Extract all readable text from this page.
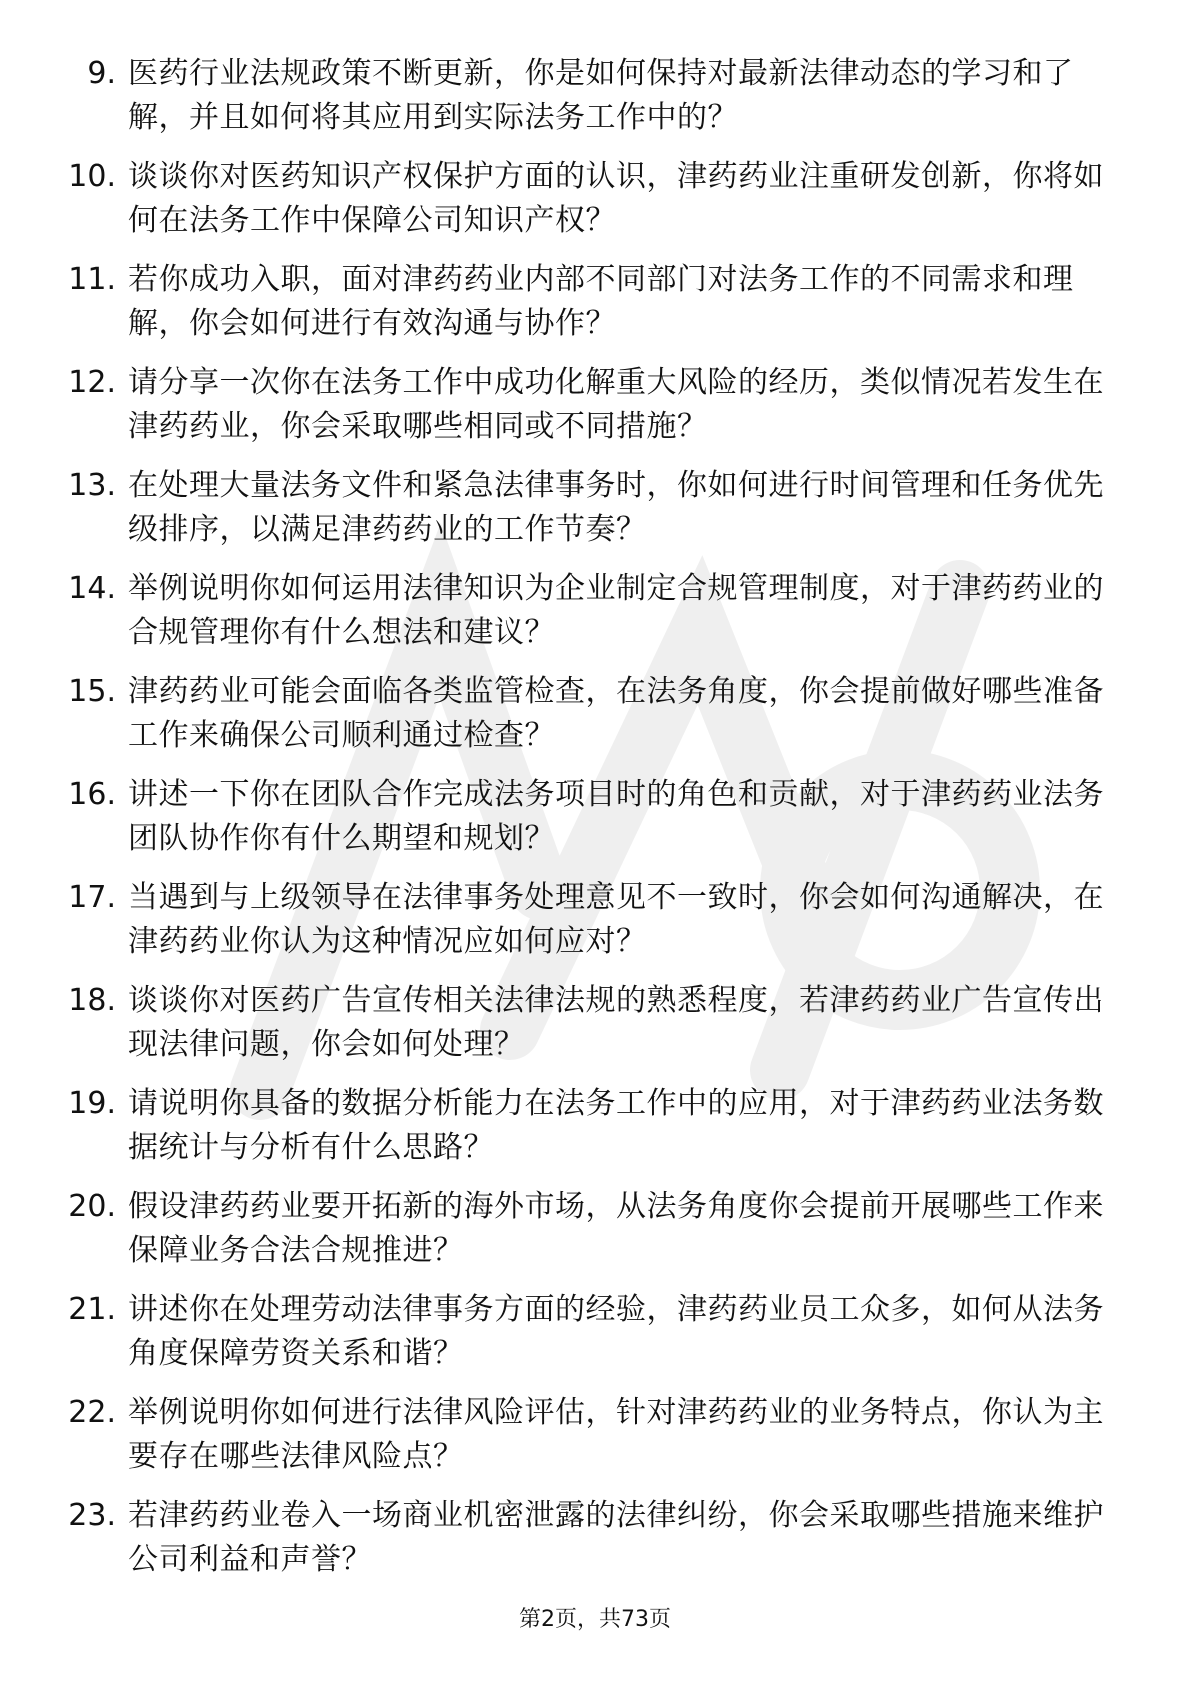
9. 医药行业法规政策不断更新，你是如何保持对最新法律动态的学习和了解，并且如何将其应用到实际法务工作中的？
10. 谈谈你对医药知识产权保护方面的认识，津药药业注重研发创新，你将如何在法务工作中保障公司知识产权？
11. 若你成功入职，面对津药药业内部不同部门对法务工作的不同需求和理解，你会如何进行有效沟通与协作？
12. 请分享一次你在法务工作中成功化解重大风险的经历，类似情况若发生在津药药业，你会采取哪些相同或不同措施？
13. 在处理大量法务文件和紧急法律事务时，你如何进行时间管理和任务优先级排序，以满足津药药业的工作节奏？
14. 举例说明你如何运用法律知识为企业制定合规管理制度，对于津药药业的合规管理你有什么想法和建议？
15. 津药药业可能会面临各类监管检查，在法务角度，你会提前做好哪些准备工作来确保公司顺利通过检查？
16. 讲述一下你在团队合作完成法务项目时的角色和贡献，对于津药药业法务团队协作你有什么期望和规划？
17. 当遇到与上级领导在法律事务处理意见不一致时，你会如何沟通解决，在津药药业你认为这种情况应如何应对？
18. 谈谈你对医药广告宣传相关法律法规的熟悉程度，若津药药业广告宣传出现法律问题，你会如何处理？
19. 请说明你具备的数据分析能力在法务工作中的应用，对于津药药业法务数据统计与分析有什么思路？
20. 假设津药药业要开拓新的海外市场，从法务角度你会提前开展哪些工作来保障业务合法合规推进？
21. 讲述你在处理劳动法律事务方面的经验，津药药业员工众多，如何从法务角度保障劳资关系和谐？
22. 举例说明你如何进行法律风险评估，针对津药药业的业务特点，你认为主要存在哪些法律风险点？
23. 若津药药业卷入一场商业机密泄露的法律纠纷，你会采取哪些措施来维护公司利益和声誉？
第2页，共73页
